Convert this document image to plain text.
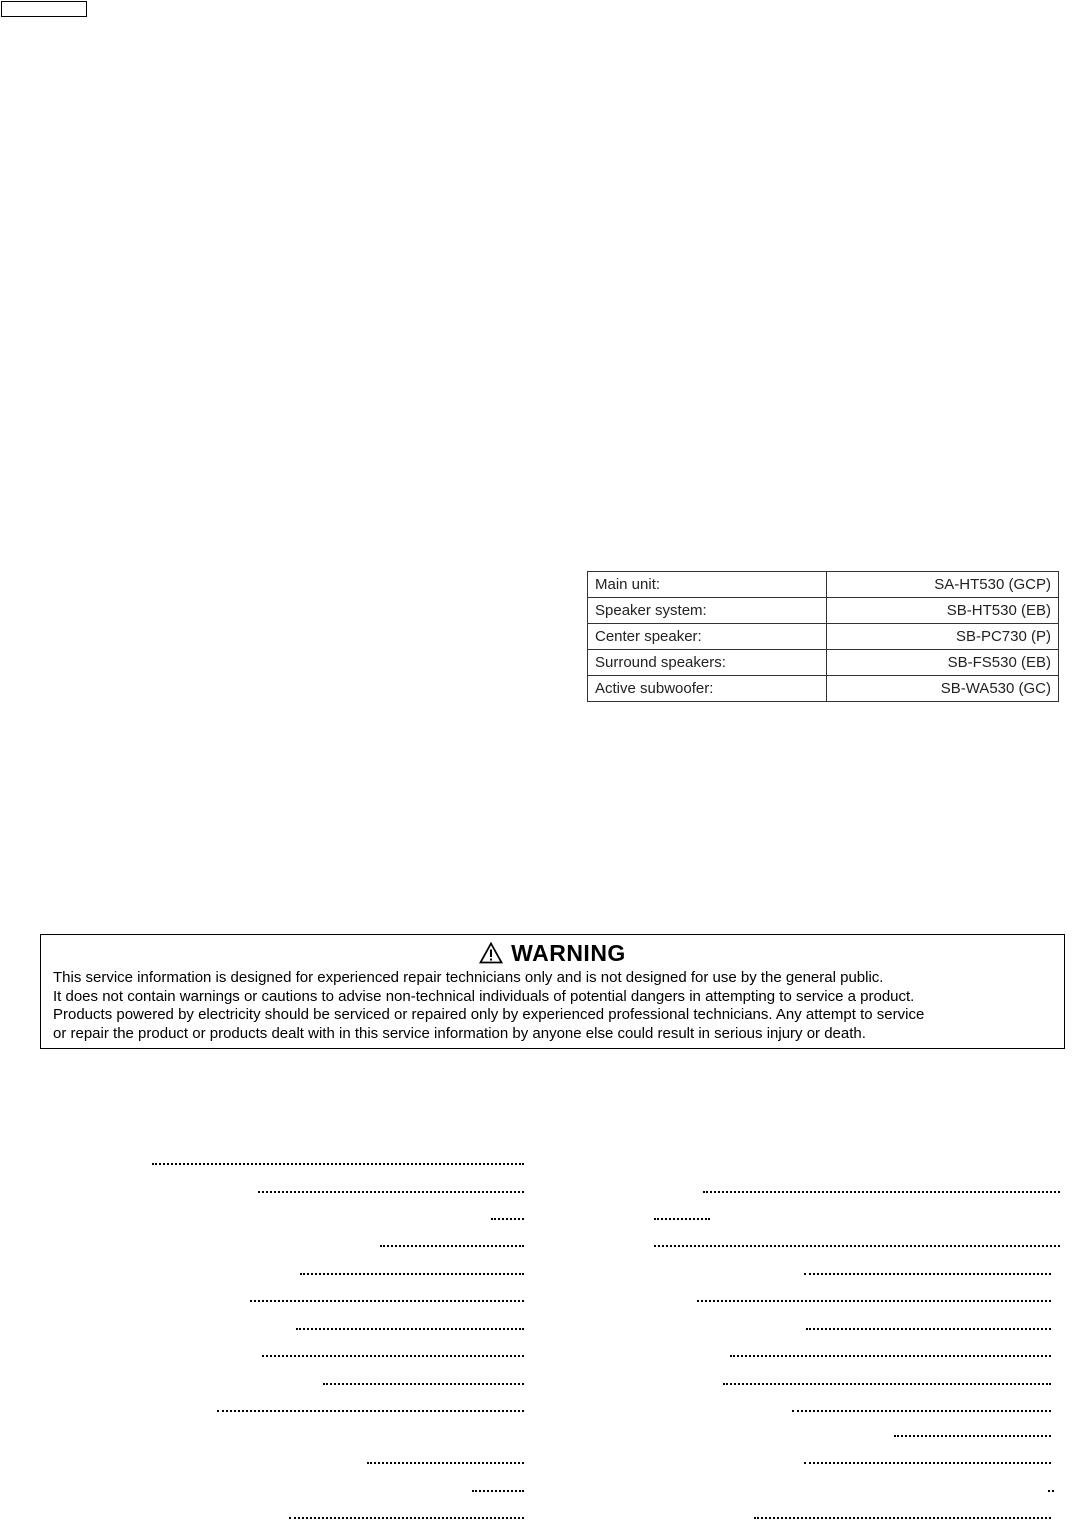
Main unit:	SA-HT530 (GCP)
Speaker system:	SB-HT530 (EB)
Center speaker:	SB-PC730 (P)
Surround speakers:	SB-FS530 (EB)
Active subwoofer:	SB-WA530 (GC)
WARNING
This service information is designed for experienced repair technicians only and is not designed for use by the general public.
It does not contain warnings or cautions to advise non-technical individuals of potential dangers in attempting to service a product.
Products powered by electricity should be serviced or repaired only by experienced professional technicians. Any attempt to service
or repair the product or products dealt with in this service information by anyone else could result in serious injury or death.
